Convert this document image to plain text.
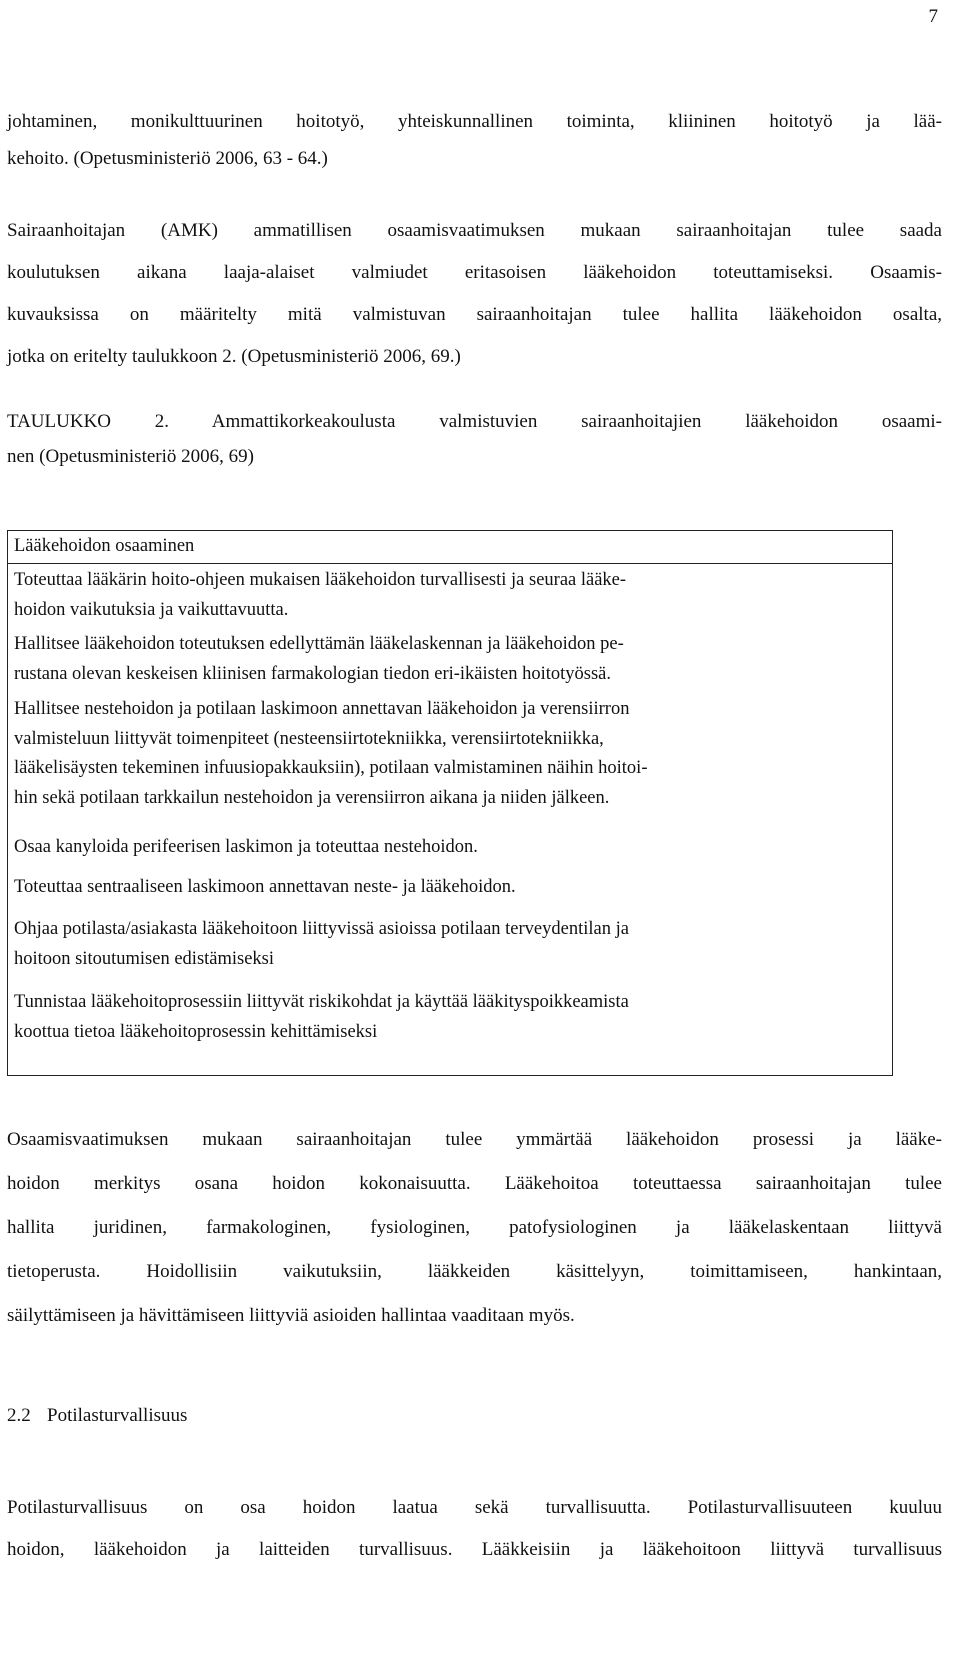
7
johtaminen, monikulttuurinen hoitotyö, yhteiskunnallinen toiminta, kliininen hoitotyö ja lää-
kehoito. (Opetusministeriö 2006, 63 - 64.)
Sairaanhoitajan (AMK) ammatillisen osaamisvaatimuksen mukaan sairaanhoitajan tulee saada
koulutuksen aikana laaja-alaiset valmiudet eritasoisen lääkehoidon toteuttamiseksi. Osaamis-
kuvauksissa on määritelty mitä valmistuvan sairaanhoitajan tulee hallita lääkehoidon osalta,
jotka on eritelty taulukkoon 2. (Opetusministeriö 2006, 69.)
TAULUKKO 2. Ammattikorkeakoulusta valmistuvien sairaanhoitajien lääkehoidon osaami-
nen (Opetusministeriö 2006, 69)
Lääkehoidon osaaminen
Toteuttaa lääkärin hoito-ohjeen mukaisen lääkehoidon turvallisesti ja seuraa lääke-
hoidon vaikutuksia ja vaikuttavuutta.
Hallitsee lääkehoidon toteutuksen edellyttämän lääkelaskennan ja lääkehoidon pe-
rustana olevan keskeisen kliinisen farmakologian tiedon eri-ikäisten hoitotyössä.
Hallitsee nestehoidon ja potilaan laskimoon annettavan lääkehoidon ja verensiirron
valmisteluun liittyvät toimenpiteet (nesteensiirtotekniikka, verensiirtotekniikka,
lääkelisäysten tekeminen infuusiopakkauksiin), potilaan valmistaminen näihin hoitoi-
hin sekä potilaan tarkkailun nestehoidon ja verensiirron aikana ja niiden jälkeen.
Osaa kanyloida perifeerisen laskimon ja toteuttaa nestehoidon.
Toteuttaa sentraaliseen laskimoon annettavan neste- ja lääkehoidon.
Ohjaa potilasta/asiakasta lääkehoitoon liittyvissä asioissa potilaan terveydentilan ja
hoitoon sitoutumisen edistämiseksi
Tunnistaa lääkehoitoprosessiin liittyvät riskikohdat ja käyttää lääkityspoikkeamista
koottua tietoa lääkehoitoprosessin kehittämiseksi
Osaamisvaatimuksen mukaan sairaanhoitajan tulee ymmärtää lääkehoidon prosessi ja lääke-
hoidon merkitys osana hoidon kokonaisuutta. Lääkehoitoa toteuttaessa sairaanhoitajan tulee
hallita juridinen, farmakologinen, fysiologinen, patofysiologinen ja lääkelaskentaan liittyvä
tietoperusta. Hoidollisiin vaikutuksiin, lääkkeiden käsittelyyn, toimittamiseen, hankintaan,
säilyttämiseen ja hävittämiseen liittyviä asioiden hallintaa vaaditaan myös.
2.2 Potilasturvallisuus
Potilasturvallisuus on osa hoidon laatua sekä turvallisuutta. Potilasturvallisuuteen kuuluu
hoidon, lääkehoidon ja laitteiden turvallisuus. Lääkkeisiin ja lääkehoitoon liittyvä turvallisuus
